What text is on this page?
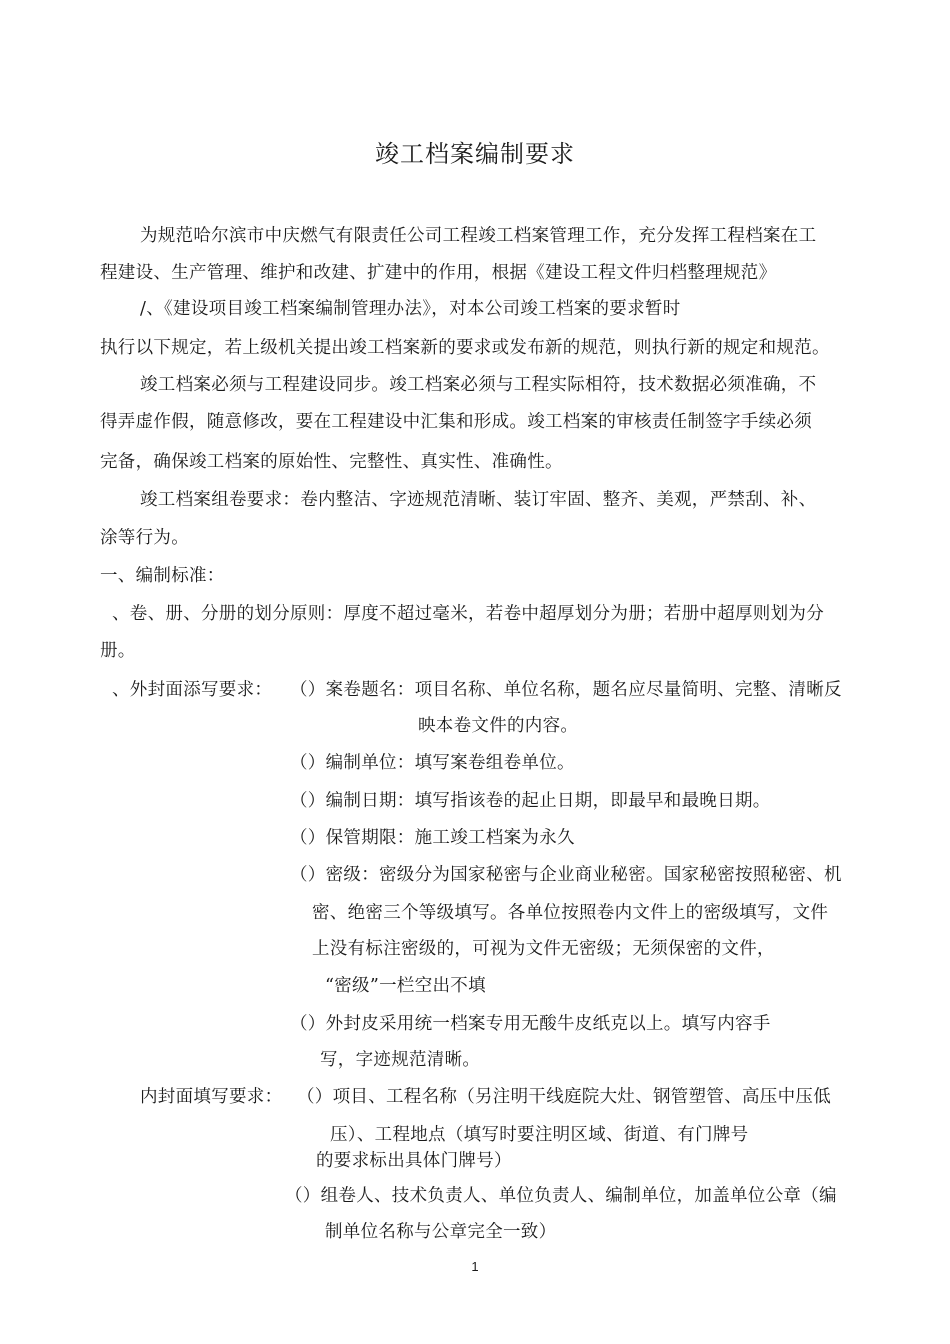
竣工档案编制要求
为规范哈尔滨市中庆燃气有限责任公司工程竣工档案管理工作，充分发挥工程档案在工
程建设、生产管理、维护和改建、扩建中的作用，根据《建设工程文件归档整理规范》
/、《建设项目竣工档案编制管理办法》，对本公司竣工档案的要求暂时
执行以下规定，若上级机关提出竣工档案新的要求或发布新的规范，则执行新的规定和规范。
竣工档案必须与工程建设同步。竣工档案必须与工程实际相符，技术数据必须准确，不
得弄虚作假，随意修改，要在工程建设中汇集和形成。竣工档案的审核责任制签字手续必须
完备，确保竣工档案的原始性、完整性、真实性、准确性。
竣工档案组卷要求：卷内整洁、字迹规范清晰、装订牢固、整齐、美观，严禁刮、补、
涂等行为。
一、编制标准：
、卷、册、分册的划分原则：厚度不超过毫米，若卷中超厚划分为册；若册中超厚则划为分
册。
、外封面添写要求： （）案卷题名：项目名称、单位名称，题名应尽量简明、完整、清晰反
映本卷文件的内容。
（）编制单位：填写案卷组卷单位。
（）编制日期：填写指该卷的起止日期，即最早和最晚日期。
（）保管期限：施工竣工档案为永久
（）密级：密级分为国家秘密与企业商业秘密。国家秘密按照秘密、机
密、绝密三个等级填写。各单位按照卷内文件上的密级填写，文件
上没有标注密级的，可视为文件无密级；无须保密的文件，
“密级”一栏空出不填
（）外封皮采用统一档案专用无酸牛皮纸克以上。填写内容手
写，字迹规范清晰。
内封面填写要求： （）项目、工程名称（另注明干线庭院大灶、钢管塑管、高压中压低
压）、工程地点（填写时要注明区域、街道、有门牌号
的要求标出具体门牌号）
（）组卷人、技术负责人、单位负责人、编制单位，加盖单位公章（编
制单位名称与公章完全一致）
1
